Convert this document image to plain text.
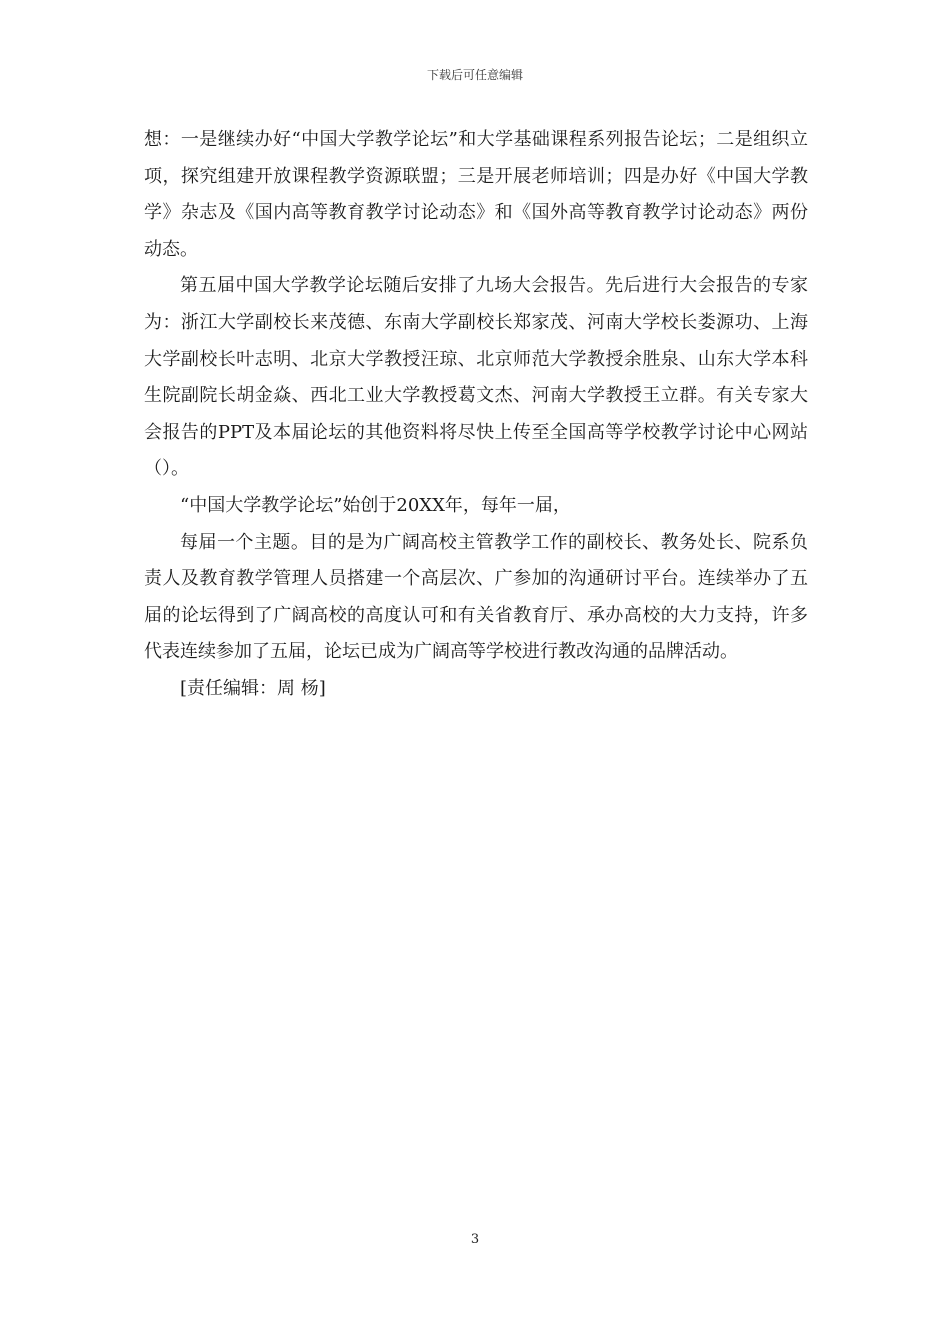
下载后可任意编辑

想：一是继续办好“中国大学教学论坛”和大学基础课程系列报告论坛；二是组织立项，探究组建开放课程教学资源联盟；三是开展老师培训；四是办好《中国大学教学》杂志及《国内高等教育教学讨论动态》和《国外高等教育教学讨论动态》两份动态。

第五届中国大学教学论坛随后安排了九场大会报告。先后进行大会报告的专家为：浙江大学副校长来茂德、东南大学副校长郑家茂、河南大学校长娄源功、上海大学副校长叶志明、北京大学教授汪琼、北京师范大学教授余胜泉、山东大学本科生院副院长胡金焱、西北工业大学教授葛文杰、河南大学教授王立群。有关专家大会报告的PPT及本届论坛的其他资料将尽快上传至全国高等学校教学讨论中心网站（）。

“中国大学教学论坛”始创于20XX年，每年一届，

每届一个主题。目的是为广阔高校主管教学工作的副校长、教务处长、院系负责人及教育教学管理人员搭建一个高层次、广参加的沟通研讨平台。连续举办了五届的论坛得到了广阔高校的高度认可和有关省教育厅、承办高校的大力支持，许多代表连续参加了五届，论坛已成为广阔高等学校进行教改沟通的品牌活动。

[责任编辑：周 杨]

3
